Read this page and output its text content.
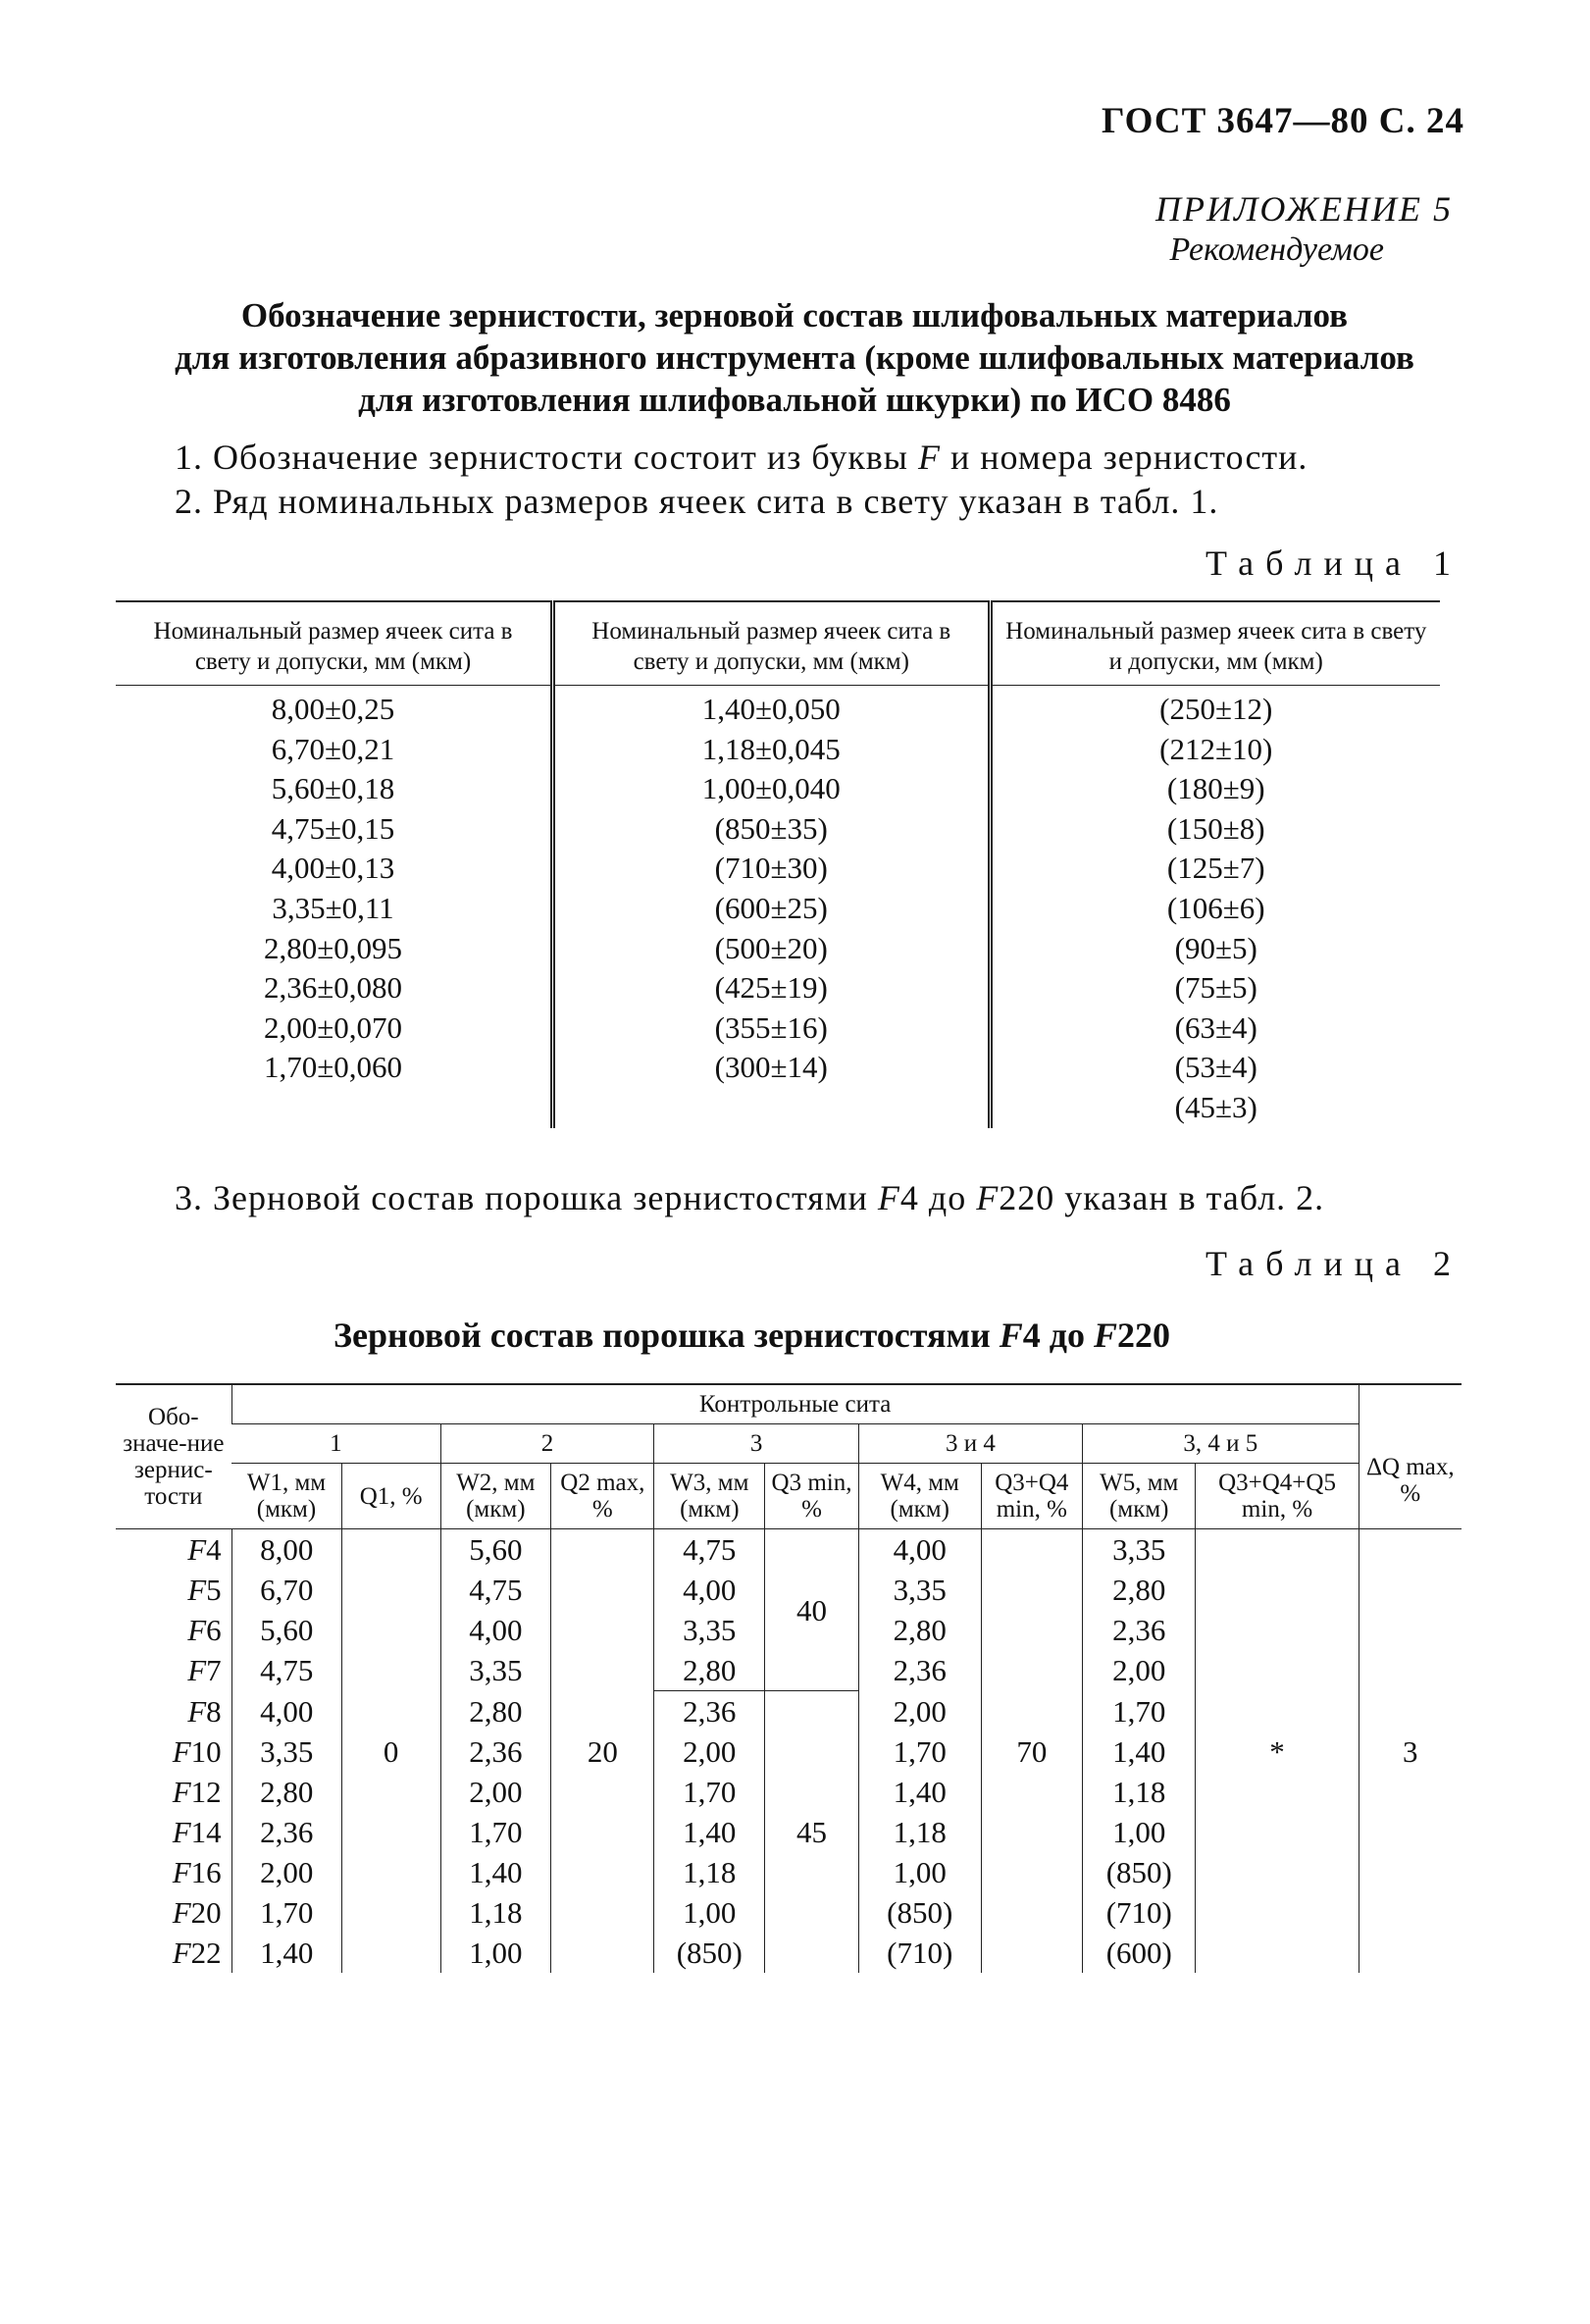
ГОСТ 3647—80 С. 24
ПРИЛОЖЕНИЕ 5
Рекомендуемое
Обозначение зернистости, зерновой состав шлифовальных материалов
для изготовления абразивного инструмента (кроме шлифовальных материалов
для изготовления шлифовальной шкурки) по ИСО 8486
1. Обозначение зернистости состоит из буквы F и номера зернистости.
2. Ряд номинальных размеров ячеек сита в свету указан в табл. 1.
Таблица 1
Номинальный размер ячеек сита в свету и допуски, мм (мкм)	Номинальный размер ячеек сита в свету и допуски, мм (мкм)	Номинальный размер ячеек сита в свету и допуски, мм (мкм)
8,00±0,25	1,40±0,050	(250±12)
6,70±0,21	1,18±0,045	(212±10)
5,60±0,18	1,00±0,040	(180±9)
4,75±0,15	(850±35)	(150±8)
4,00±0,13	(710±30)	(125±7)
3,35±0,11	(600±25)	(106±6)
2,80±0,095	(500±20)	(90±5)
2,36±0,080	(425±19)	(75±5)
2,00±0,070	(355±16)	(63±4)
1,70±0,060	(300±14)	(53±4)
		(45±3)
3. Зерновой состав порошка зернистостями F4 до F220 указан в табл. 2.
Таблица 2
Зерновой состав порошка зернистостями F4 до F220
Обо-значе-ние зернис-тости	Контрольные сита										ΔQ max, %
	1		2		3		3 и 4		3, 4 и 5		
	W1, мм (мкм)	Q1, %	W2, мм (мкм)	Q2 max, %	W3, мм (мкм)	Q3 min, %	W4, мм (мкм)	Q3+Q4 min, %	W5, мм (мкм)	Q3+Q4+Q5 min, %	
F4	8,00	0	5,60	20	4,75	40	4,00	70	3,35	*	3
F5	6,70		4,75		4,00		3,35		2,80		
F6	5,60		4,00		3,35		2,80		2,36		
F7	4,75		3,35		2,80		2,36		2,00		
F8	4,00		2,80		2,36	45	2,00		1,70		
F10	3,35		2,36		2,00		1,70		1,40		
F12	2,80		2,00		1,70		1,40		1,18		
F14	2,36		1,70		1,40		1,18		1,00		
F16	2,00		1,40		1,18		1,00		(850)		
F20	1,70		1,18		1,00		(850)		(710)		
F22	1,40		1,00		(850)		(710)		(600)		
